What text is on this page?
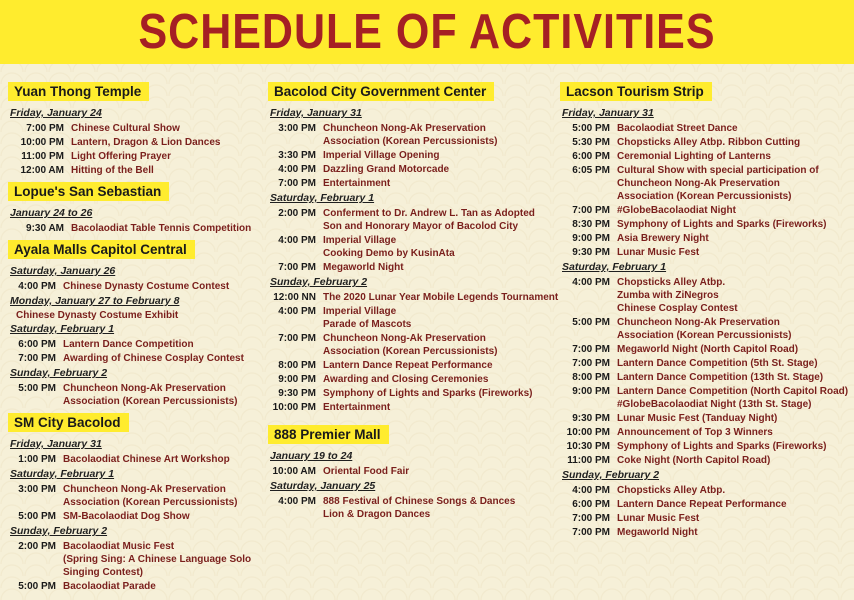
SCHEDULE OF ACTIVITIES
Yuan Thong Temple
Friday, January 24
7:00 PM Chinese Cultural Show
10:00 PM Lantern, Dragon & Lion Dances
11:00 PM Light Offering Prayer
12:00 AM Hitting of the Bell
Lopue's San Sebastian
January 24 to 26
9:30 AM Bacolaodiat Table Tennis Competition
Ayala Malls Capitol Central
Saturday, January 26
4:00 PM Chinese Dynasty Costume Contest
Monday, January 27 to February 8
Chinese Dynasty Costume Exhibit
Saturday, February 1
6:00 PM Lantern Dance Competition
7:00 PM Awarding of Chinese Cosplay Contest
Sunday, February 2
5:00 PM Chuncheon Nong-Ak Preservation
Association (Korean Percussionists)
SM City Bacolod
Friday, January 31
1:00 PM Bacolaodiat Chinese Art Workshop
Saturday, February 1
3:00 PM Chuncheon Nong-Ak Preservation
Association (Korean Percussionists)
5:00 PM SM-Bacolaodiat Dog Show
Sunday, February 2
2:00 PM Bacolaodiat Music Fest
(Spring Sing: A Chinese Language Solo
Singing Contest)
5:00 PM Bacolaodiat Parade
Bacolod City Government Center
Friday, January 31
3:00 PM Chuncheon Nong-Ak Preservation
Association (Korean Percussionists)
3:30 PM Imperial Village Opening
4:00 PM Dazzling Grand Motorcade
7:00 PM Entertainment
Saturday, February 1
2:00 PM Conferment to Dr. Andrew L. Tan as Adopted
Son and Honorary Mayor of Bacolod City
4:00 PM Imperial Village
Cooking Demo by KusinAta
7:00 PM Megaworld Night
Sunday, February 2
12:00 NN The 2020 Lunar Year Mobile Legends Tournament
4:00 PM Imperial Village
Parade of Mascots
7:00 PM Chuncheon Nong-Ak Preservation
Association (Korean Percussionists)
8:00 PM Lantern Dance Repeat Performance
9:00 PM Awarding and Closing Ceremonies
9:30 PM Symphony of Lights and Sparks (Fireworks)
10:00 PM Entertainment
888 Premier Mall
January 19 to 24
10:00 AM Oriental Food Fair
Saturday, January 25
4:00 PM 888 Festival of Chinese Songs & Dances
Lion & Dragon Dances
Lacson Tourism Strip
Friday, January 31
5:00 PM Bacolaodiat Street Dance
5:30 PM Chopsticks Alley Atbp. Ribbon Cutting
6:00 PM Ceremonial Lighting of Lanterns
6:05 PM Cultural Show with special participation of
Chuncheon Nong-Ak Preservation
Association (Korean Percussionists)
7:00 PM #GlobeBacolaodiat Night
8:30 PM Symphony of Lights and Sparks (Fireworks)
9:00 PM Asia Brewery Night
9:30 PM Lunar Music Fest
Saturday, February 1
4:00 PM Chopsticks Alley Atbp.
Zumba with ZiNegros
Chinese Cosplay Contest
5:00 PM Chuncheon Nong-Ak Preservation
Association (Korean Percussionists)
7:00 PM Megaworld Night (North Capitol Road)
7:00 PM Lantern Dance Competition (5th St. Stage)
8:00 PM Lantern Dance Competition (13th St. Stage)
9:00 PM Lantern Dance Competition (North Capitol Road)
#GlobeBacolaodiat Night (13th St. Stage)
9:30 PM Lunar Music Fest (Tanduay Night)
10:00 PM Announcement of Top 3 Winners
10:30 PM Symphony of Lights and Sparks (Fireworks)
11:00 PM Coke Night (North Capitol Road)
Sunday, February 2
4:00 PM Chopsticks Alley Atbp.
6:00 PM Lantern Dance Repeat Performance
7:00 PM Lunar Music Fest
7:00 PM Megaworld Night
